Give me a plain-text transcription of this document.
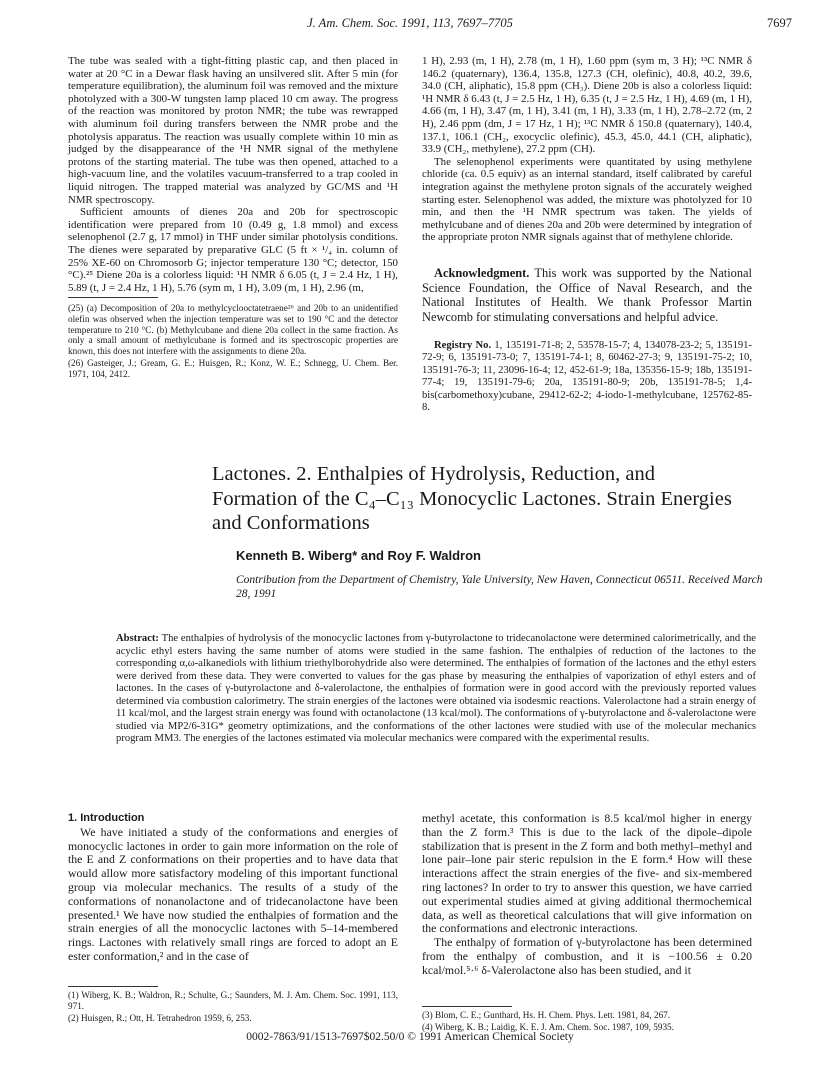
J. Am. Chem. Soc. 1991, 113, 7697–7705	7697

The tube was sealed with a tight-fitting plastic cap, and then placed in water at 20 °C in a Dewar flask having an unsilvered slit. After 5 min (for temperature equilibration), the aluminum foil was removed and the mixture photolyzed with a 300-W tungsten lamp placed 10 cm away. The progress of the reaction was monitored by proton NMR; the tube was rewrapped with aluminum foil during transfers between the NMR probe and the photolysis apparatus. The reaction was usually complete within 10 min as judged by the disappearance of the ¹H NMR signal of the methylene protons of the starting material. The tube was then opened, attached to a high-vacuum line, and the volatiles vacuum-transferred to a trap cooled in liquid nitrogen. The trapped material was analyzed by GC/MS and ¹H NMR spectroscopy.

Sufficient amounts of dienes 20a and 20b for spectroscopic identification were prepared from 10 (0.49 g, 1.8 mmol) and excess selenophenol (2.7 g, 17 mmol) in THF under similar photolysis conditions. The dienes were separated by preparative GLC (5 ft × ¹/₄ in. column of 25% XE-60 on Chromosorb G; injector temperature 130 °C; detector, 150 °C).²⁵ Diene 20a is a colorless liquid: ¹H NMR δ 6.05 (t, J = 2.4 Hz, 1 H), 5.89 (t, J = 2.4 Hz, 1 H), 5.76 (sym m, 1 H), 3.09 (m, 1 H), 2.96 (m,

(25) (a) Decomposition of 20a to methylcyclooctatetraene²⁶ and 20b to an unidentified olefin was observed when the injection temperature was set to 190 °C and the detector temperature to 210 °C. (b) Methylcubane and diene 20a collect in the same fraction. As only a small amount of methylcubane is formed and its spectroscopic properties are known, this does not interfere with the assignments to diene 20a.

(26) Gasteiger, J.; Gream, G. E.; Huisgen, R.; Konz, W. E.; Schnegg, U. Chem. Ber. 1971, 104, 2412.

1 H), 2.93 (m, 1 H), 2.78 (m, 1 H), 1.60 ppm (sym m, 3 H); ¹³C NMR δ 146.2 (quaternary), 136.4, 135.8, 127.3 (CH, olefinic), 40.8, 40.2, 39.6, 34.0 (CH, aliphatic), 15.8 ppm (CH₃). Diene 20b is also a colorless liquid: ¹H NMR δ 6.43 (t, J = 2.5 Hz, 1 H), 6.35 (t, J = 2.5 Hz, 1 H), 4.69 (m, 1 H), 4.66 (m, 1 H), 3.47 (m, 1 H), 3.41 (m, 1 H), 3.33 (m, 1 H), 2.78–2.72 (m, 2 H), 2.46 ppm (dm, J = 17 Hz, 1 H); ¹³C NMR δ 150.8 (quaternary), 140.4, 137.1, 106.1 (CH₂, exocyclic olefinic), 45.3, 45.0, 44.1 (CH, aliphatic), 33.9 (CH₂, methylene), 27.2 ppm (CH).

The selenophenol experiments were quantitated by using methylene chloride (ca. 0.5 equiv) as an internal standard, itself calibrated by careful integration against the methylene proton signals of the accurately weighed starting ester. Selenophenol was added, the mixture was photolyzed for 10 min, and then the ¹H NMR spectrum was taken. The yields of methylcubane and of dienes 20a and 20b were determined by integration of the appropriate proton NMR signals against that of methylene chloride.

Acknowledgment. This work was supported by the National Science Foundation, the Office of Naval Research, and the National Institutes of Health. We thank Professor Martin Newcomb for stimulating conversations and helpful advice.
Registry No. 1, 135191-71-8; 2, 53578-15-7; 4, 134078-23-2; 5, 135191-72-9; 6, 135191-73-0; 7, 135191-74-1; 8, 60462-27-3; 9, 135191-75-2; 10, 135191-76-3; 11, 23096-16-4; 12, 452-61-9; 18a, 135356-15-9; 18b, 135191-77-4; 19, 135191-79-6; 20a, 135191-80-9; 20b, 135191-78-5; 1,4-bis(carbomethoxy)cubane, 29412-62-2; 4-iodo-1-methylcubane, 125762-85-8.
Lactones. 2. Enthalpies of Hydrolysis, Reduction, and Formation of the C₄–C₁₃ Monocyclic Lactones. Strain Energies and Conformations
Kenneth B. Wiberg* and Roy F. Waldron
Contribution from the Department of Chemistry, Yale University, New Haven, Connecticut 06511. Received March 28, 1991
Abstract: The enthalpies of hydrolysis of the monocyclic lactones from γ-butyrolactone to tridecanolactone were determined calorimetrically, and the acyclic ethyl esters having the same number of atoms were studied in the same fashion. The enthalpies of reduction of the lactones to the corresponding α,ω-alkanediols with lithium triethylborohydride also were determined. The enthalpies of formation of the lactones and the ethyl esters were derived from these data. They were converted to values for the gas phase by measuring the enthalpies of vaporization of ethyl esters and of lactones. In the cases of γ-butyrolactone and δ-valerolactone, the enthalpies of formation were in good accord with the previously reported values determined via combustion calorimetry. The strain energies of the lactones were obtained via isodesmic reactions. Valerolactone had a strain energy of 11 kcal/mol, and the largest strain energy was found with octanolactone (13 kcal/mol). The conformations of γ-butyrolactone and δ-valerolactone were studied via MP2/6-31G* geometry optimizations, and the conformations of the other lactones were studied with use of the molecular mechanics program MM3. The energies of the lactones estimated via molecular mechanics were compared with the experimental results.

1. Introduction

We have initiated a study of the conformations and energies of monocyclic lactones in order to gain more information on the role of the E and Z conformations on their properties and to have data that would allow more satisfactory modeling of this important functional group via molecular mechanics. The results of a study of the conformations of nonanolactone and of tridecanolactone have been presented.¹ We have now studied the enthalpies of formation and the strain energies of all the monocyclic lactones with 5–14-membered rings. Lactones with relatively small rings are forced to adopt an E ester conformation,² and in the case of

methyl acetate, this conformation is 8.5 kcal/mol higher in energy than the Z form.³ This is due to the lack of the dipole–dipole stabilization that is present in the Z form and both methyl–methyl and lone pair–lone pair steric repulsion in the E form.⁴ How will these interactions affect the strain energies of the five- and six-membered ring lactones? In order to try to answer this question, we have carried out experimental studies aimed at giving additional thermochemical data, as well as theoretical calculations that will give information on the conformations and electronic interactions.

The enthalpy of formation of γ-butyrolactone has been determined from the enthalpy of combustion, and it is −100.56 ± 0.20 kcal/mol.⁵·⁶ δ-Valerolactone also has been studied, and it

(1) Wiberg, K. B.; Waldron, R.; Schulte, G.; Saunders, M. J. Am. Chem. Soc. 1991, 113, 971.

(2) Huisgen, R.; Ott, H. Tetrahedron 1959, 6, 253.	(3) Blom, C. E.; Gunthard, Hs. H. Chem. Phys. Lett. 1981, 84, 267.

(4) Wiberg, K. B.; Laidig, K. E. J. Am. Chem. Soc. 1987, 109, 5935.

0002-7863/91/1513-7697$02.50/0 © 1991 American Chemical Society
